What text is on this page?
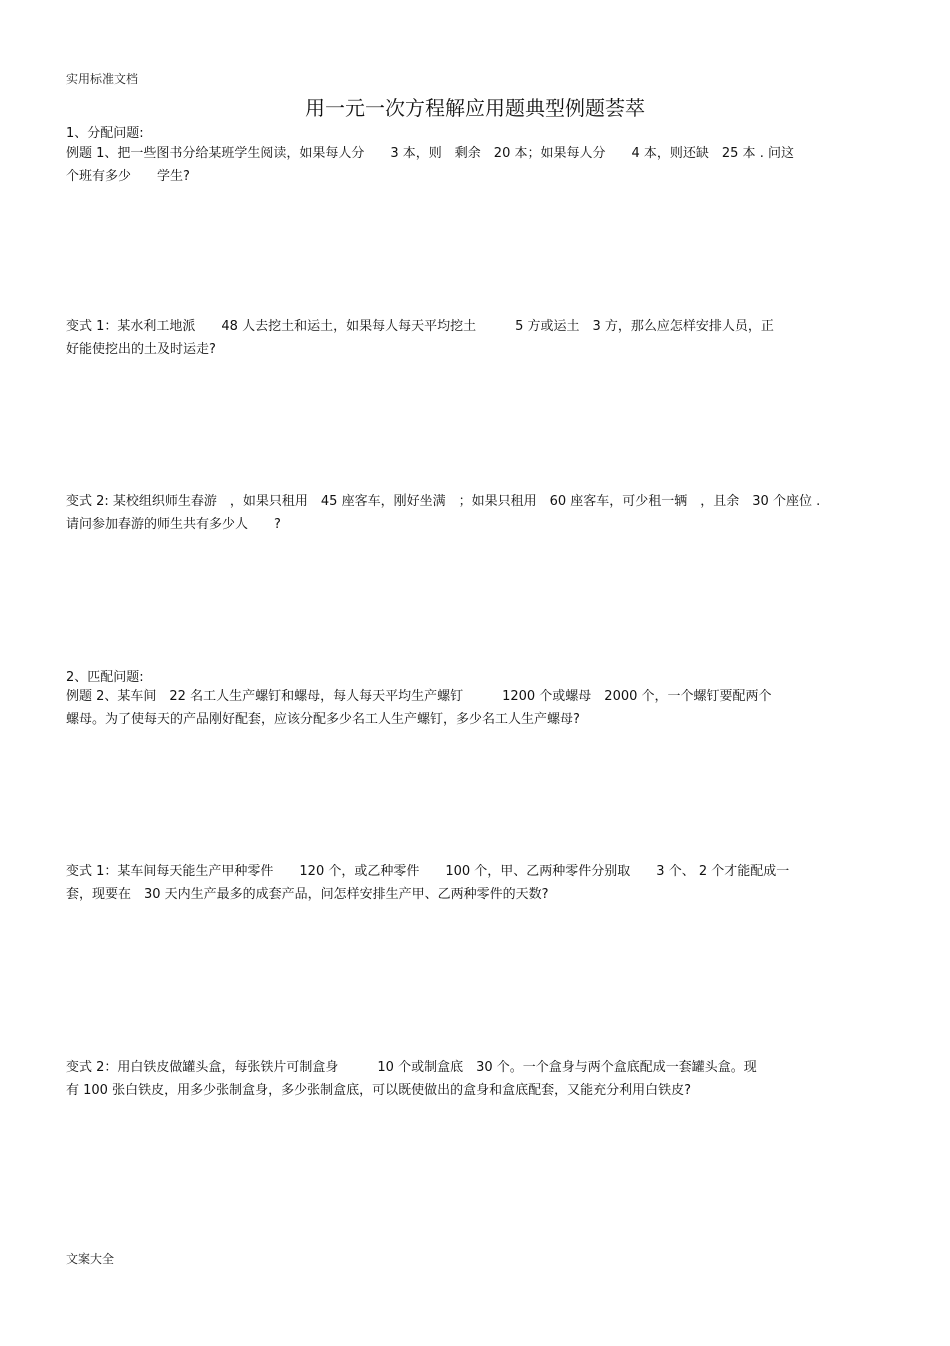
实用标准文档
用一元一次方程解应用题典型例题荟萃
1、分配问题:
例题 1、把一些图书分给某班学生阅读，如果每人分　　3 本，则　剩余　20 本；如果每人分　　4 本，则还缺　25 本 . 问这
个班有多少　　学生?
变式 1：某水利工地派　　48 人去挖土和运土，如果每人每天平均挖土　　　5 方或运土　3 方，那么应怎样安排人员，正
好能使挖出的土及时运走?
变式 2: 某校组织师生春游　，如果只租用　45 座客车，刚好坐满　；如果只租用　60 座客车，可少租一辆　，且余　30 个座位 .
请问参加春游的师生共有多少人　　?
2、匹配问题:
例题 2、某车间　22 名工人生产螺钉和螺母，每人每天平均生产螺钉　　　1200 个或螺母　2000 个，一个螺钉要配两个
螺母。为了使每天的产品刚好配套，应该分配多少名工人生产螺钉，多少名工人生产螺母?
变式 1：某车间每天能生产甲种零件　　120 个，或乙种零件　　100 个，甲、乙两种零件分别取　　3 个、 2 个才能配成一
套，现要在　30 天内生产最多的成套产品，问怎样安排生产甲、乙两种零件的天数?
变式 2：用白铁皮做罐头盒，每张铁片可制盒身　　　10 个或制盒底　30 个。一个盒身与两个盒底配成一套罐头盒。现
有 100 张白铁皮，用多少张制盒身，多少张制盒底，可以既使做出的盒身和盒底配套，又能充分利用白铁皮?
文案大全
